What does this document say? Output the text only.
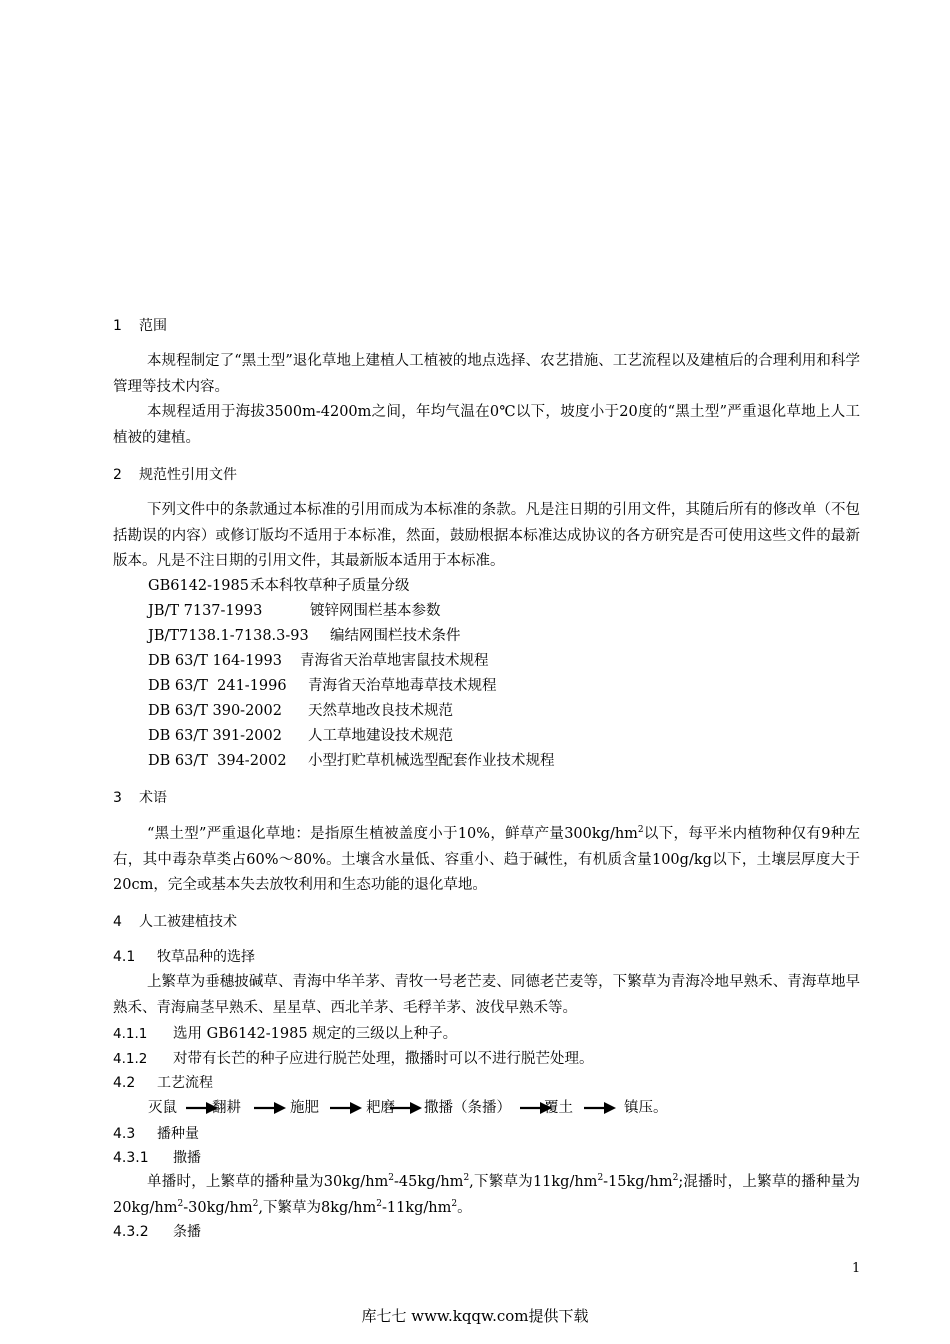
1 范围
本规程制定了“黑土型”退化草地上建植人工植被的地点选择、农艺措施、工艺流程以及建植后的合理利用和科学管理等技术内容。
本规程适用于海拔3500m-4200m之间，年均气温在0℃以下，坡度小于20度的“黑土型”严重退化草地上人工植被的建植。
2 规范性引用文件
下列文件中的条款通过本标准的引用而成为本标准的条款。凡是注日期的引用文件，其随后所有的修改单（不包括勘误的内容）或修订版均不适用于本标准，然面，鼓励根据本标准达成协议的各方研究是否可使用这些文件的最新版本。凡是不注日期的引用文件，其最新版本适用于本标准。
GB6142-1985禾本科牧草种子质量分级
JB/T 7137-1993	镀锌网围栏基本参数
JB/T7138.1-7138.3-93 编结网围栏技术条件
DB 63/T 164-1993 青海省天治草地害鼠技术规程
DB 63/T  241-1996 青海省天治草地毒草技术规程
DB 63/T 390-2002 天然草地改良技术规范
DB 63/T 391-2002 人工草地建设技术规范
DB 63/T  394-2002 小型打贮草机械选型配套作业技术规程
3 术语
“黑土型”严重退化草地：是指原生植被盖度小于10%，鲜草产量$300kg/hm^2$以下，每平米内植物种仅有9种左右，其中毒杂草类占60%～80%。土壤含水量低、容重小、趋于碱性，有机质含量100g/kg以下，土壤层厚度大于20cm，完全或基本失去放牧利用和生态功能的退化草地。
4 人工被建植技术
4.1 牧草品种的选择
上繁草为垂穗披碱草、青海中华羊茅、青牧一号老芒麦、同德老芒麦等，下繁草为青海冷地早熟禾、青海草地早熟禾、青海扁茎早熟禾、星星草、西北羊茅、毛稃羊茅、波伐早熟禾等。
4.1.1 选用 GB6142-1985 规定的三级以上种子。
4.1.2 对带有长芒的种子应进行脱芒处理，撒播时可以不进行脱芒处理。
4.2 工艺流程
灭鼠 翻耕	施肥	耙磨 撒播（条播） 覆土	镇压。
4.3 播种量
4.3.1 撒播
单播时，上繁草的播种量为$30kg/hm^2-45kg/hm^2$,下繁草为$11kg/hm^2-15kg/hm^2$;混播时，上繁草的播种量为$20kg/hm^2-30kg/hm^2$,下繁草为$8kg/hm^2-11kg/hm^2$。
4.3.2 条播
1
库七七 www.kqqw.com提供下载
